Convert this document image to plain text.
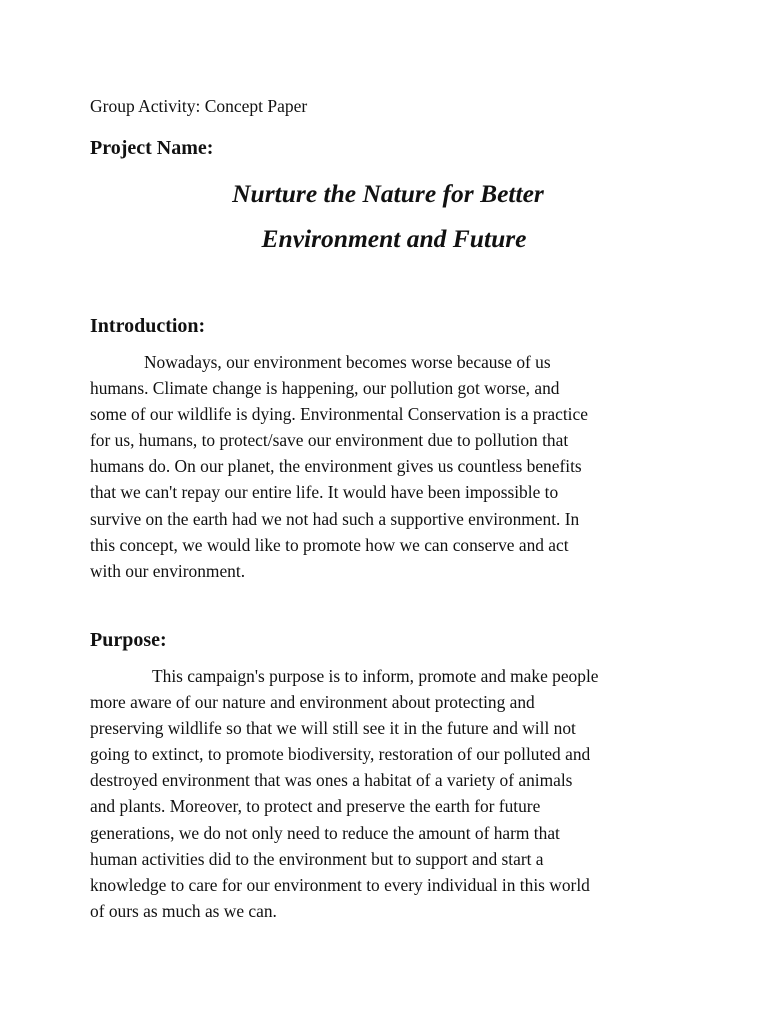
Group Activity: Concept Paper

Project Name:
Nurture the Nature for Better
Environment and Future
Introduction:
Nowadays, our environment becomes worse because of us
humans. Climate change is happening, our pollution got worse, and
some of our wildlife is dying. Environmental Conservation is a practice
for us, humans, to protect/save our environment due to pollution that
humans do. On our planet, the environment gives us countless benefits
that we can't repay our entire life. It would have been impossible to
survive on the earth had we not had such a supportive environment. In
this concept, we would like to promote how we can conserve and act
with our environment.
Purpose:
This campaign's purpose is to inform, promote and make people
more aware of our nature and environment about protecting and
preserving wildlife so that we will still see it in the future and will not
going to extinct, to promote biodiversity, restoration of our polluted and
destroyed environment that was ones a habitat of a variety of animals
and plants. Moreover, to protect and preserve the earth for future
generations, we do not only need to reduce the amount of harm that
human activities did to the environment but to support and start a
knowledge to care for our environment to every individual in this world
of ours as much as we can.
